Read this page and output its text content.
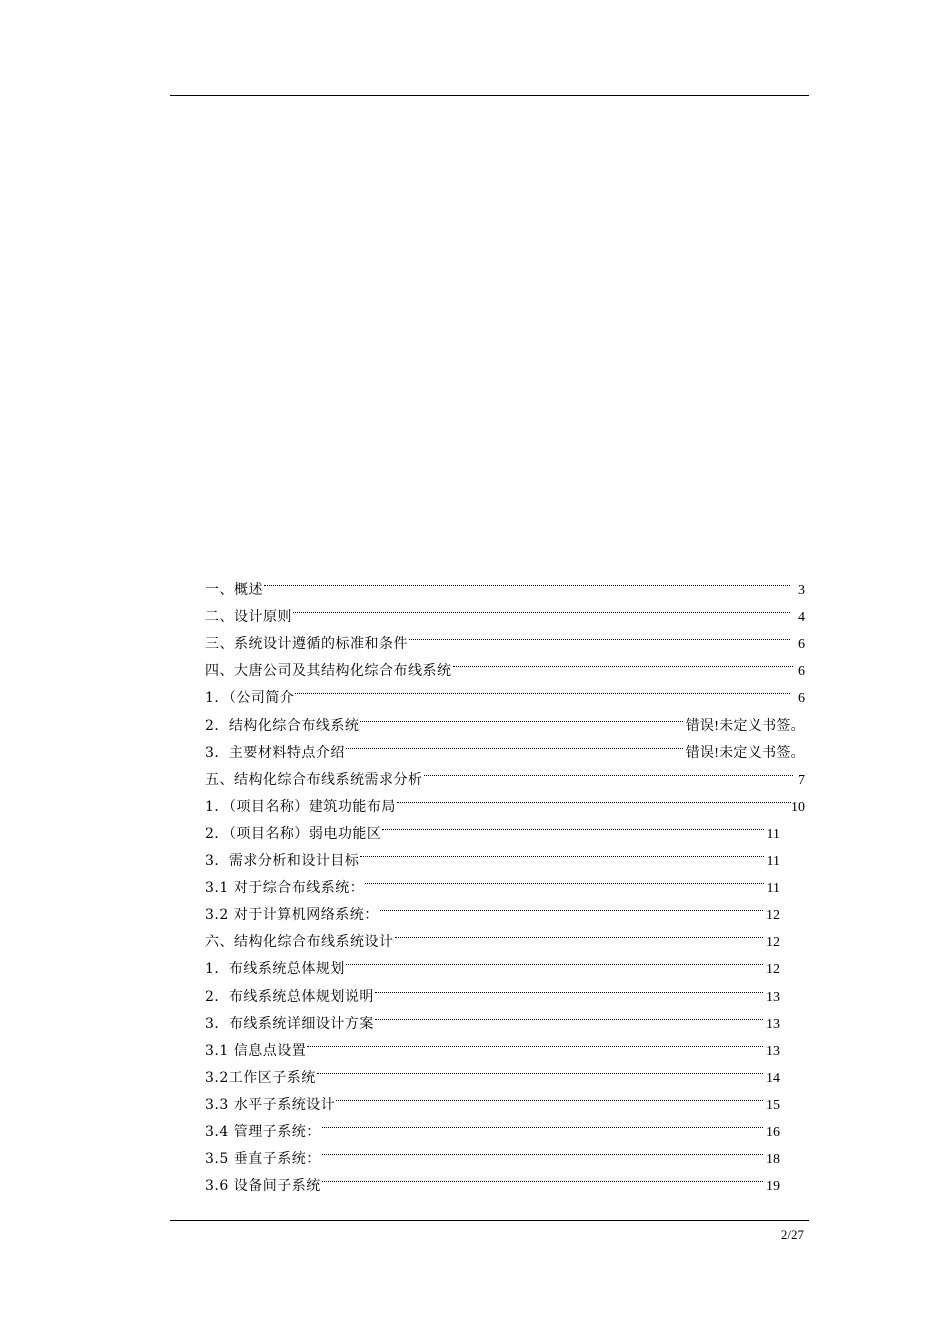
一、概述	3
二、设计原则	4
三、系统设计遵循的标准和条件	6
四、大唐公司及其结构化综合布线系统	6
1．（公司简介	6
2．结构化综合布线系统	错误!未定义书签。
3．主要材料特点介绍	错误!未定义书签。
五、结构化综合布线系统需求分析	7
1．（项目名称）建筑功能布局	10
2．（项目名称）弱电功能区	11
3．需求分析和设计目标	11
3.1 对于综合布线系统：	11
3.2 对于计算机网络系统：	12
六、结构化综合布线系统设计	12
1．布线系统总体规划	12
2．布线系统总体规划说明	13
3．布线系统详细设计方案	13
3.1 信息点设置	13
3.2工作区子系统	14
3.3 水平子系统设计	15
3.4 管理子系统：	16
3.5 垂直子系统：	18
3.6 设备间子系统	19
2/27
